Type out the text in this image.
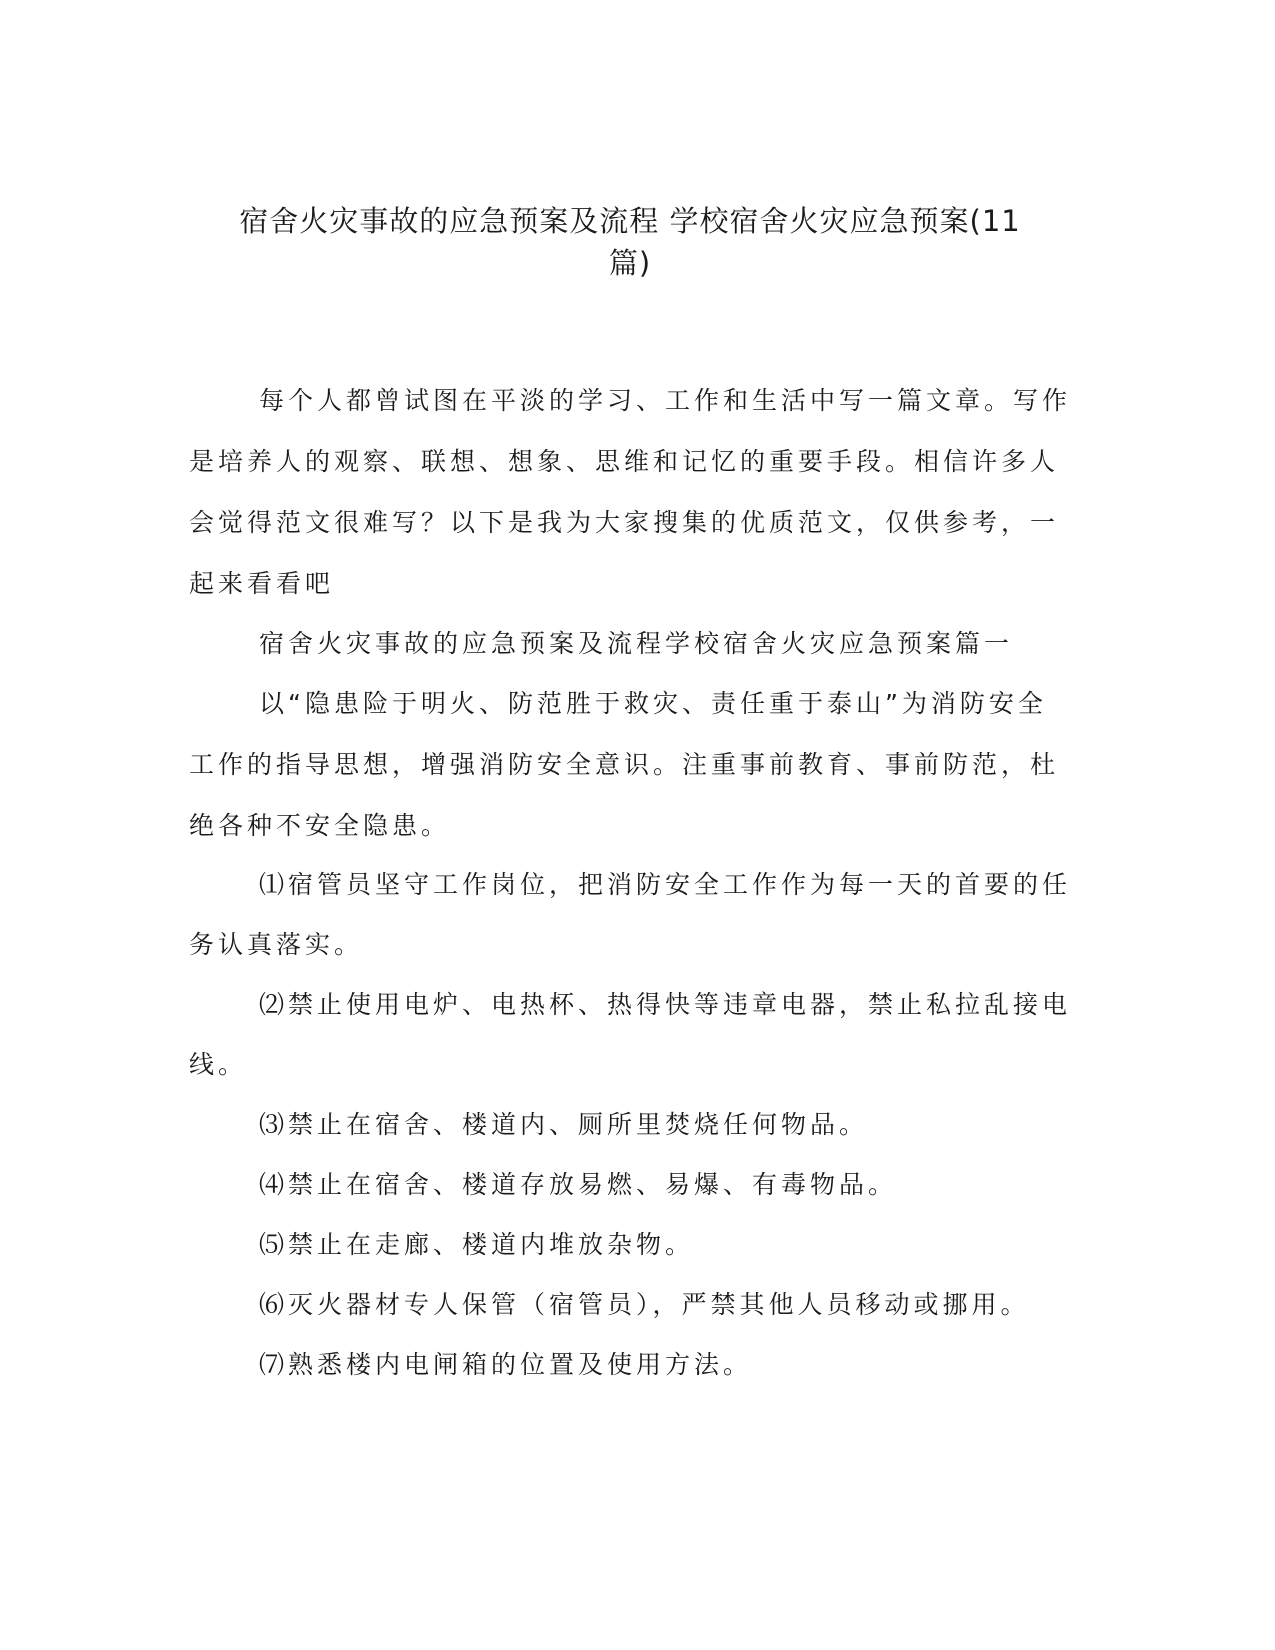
宿舍火灾事故的应急预案及流程 学校宿舍火灾应急预案(11
篇)

每个人都曾试图在平淡的学习、工作和生活中写一篇文章。写作是培养人的观察、联想、想象、思维和记忆的重要手段。相信许多人会觉得范文很难写？以下是我为大家搜集的优质范文，仅供参考，一起来看看吧

宿舍火灾事故的应急预案及流程学校宿舍火灾应急预案篇一

以“隐患险于明火、防范胜于救灾、责任重于泰山”为消防安全工作的指导思想，增强消防安全意识。注重事前教育、事前防范，杜绝各种不安全隐患。

⑴宿管员坚守工作岗位，把消防安全工作作为每一天的首要的任务认真落实。
⑵禁止使用电炉、电热杯、热得快等违章电器，禁止私拉乱接电线。
⑶禁止在宿舍、楼道内、厕所里焚烧任何物品。
⑷禁止在宿舍、楼道存放易燃、易爆、有毒物品。
⑸禁止在走廊、楼道内堆放杂物。
⑹灭火器材专人保管（宿管员），严禁其他人员移动或挪用。
⑺熟悉楼内电闸箱的位置及使用方法。
